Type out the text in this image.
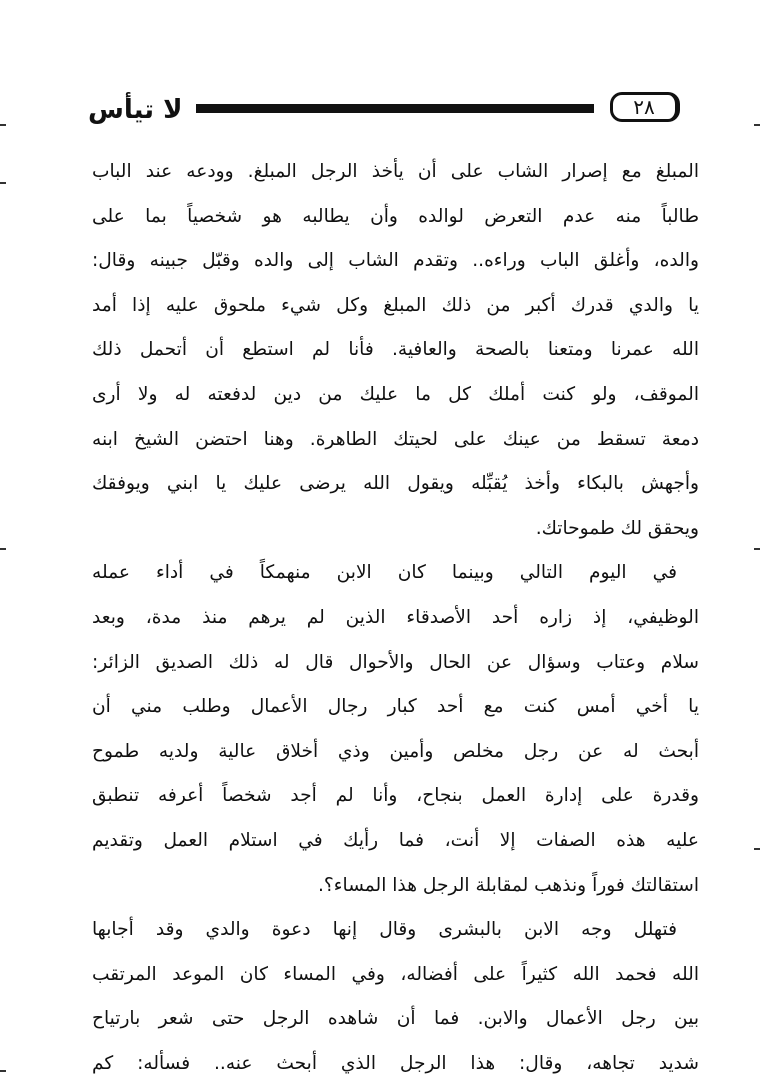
لا تيأس	٢٨
المبلغ مع إصرار الشاب على أن يأخذ الرجل المبلغ. وودعه عند الباب
طالباً منه عدم التعرض لوالده وأن يطالبه هو شخصياً بما على
والده، وأغلق الباب وراءه.. وتقدم الشاب إلى والده وقبّل جبينه وقال:
يا والدي قدرك أكبر من ذلك المبلغ وكل شيء ملحوق عليه إذا أمد
الله عمرنا ومتعنا بالصحة والعافية. فأنا لم استطع أن أتحمل ذلك
الموقف، ولو كنت أملك كل ما عليك من دين لدفعته له ولا أرى
دمعة تسقط من عينك على لحيتك الطاهرة. وهنا احتضن الشيخ ابنه
وأجهش بالبكاء وأخذ يُقبِّله ويقول الله يرضى عليك يا ابني ويوفقك
ويحقق لك طموحاتك.
في اليوم التالي وبينما كان الابن منهمكاً في أداء عمله
الوظيفي، إذ زاره أحد الأصدقاء الذين لم يرهم منذ مدة، وبعد
سلام وعتاب وسؤال عن الحال والأحوال قال له ذلك الصديق الزائر:
يا أخي أمس كنت مع أحد كبار رجال الأعمال وطلب مني أن
أبحث له عن رجل مخلص وأمين وذي أخلاق عالية ولديه طموح
وقدرة على إدارة العمل بنجاح، وأنا لم أجد شخصاً أعرفه تنطبق
عليه هذه الصفات إلا أنت، فما رأيك في استلام العمل وتقديم
استقالتك فوراً ونذهب لمقابلة الرجل هذا المساء؟.
فتهلل وجه الابن بالبشرى وقال إنها دعوة والدي وقد أجابها
الله فحمد الله كثيراً على أفضاله، وفي المساء كان الموعد المرتقب
بين رجل الأعمال والابن. فما أن شاهده الرجل حتى شعر بارتياح
شديد تجاهه، وقال: هذا الرجل الذي أبحث عنه.. فسأله: كم
